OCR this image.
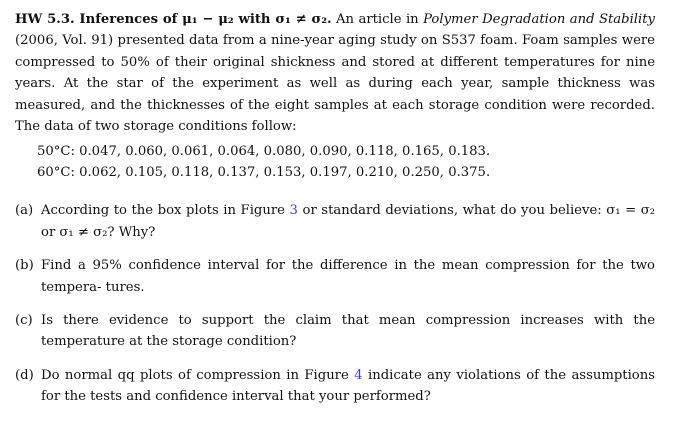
HW 5.3. Inferences of μ₁ − μ₂ with σ₁ ≠ σ₂. An article in Polymer Degradation and Stability (2006, Vol. 91) presented data from a nine-year aging study on S537 foam. Foam samples were compressed to 50% of their original shickness and stored at different temperatures for nine years. At the star of the experiment as well as during each year, sample thickness was measured, and the thicknesses of the eight samples at each storage condition were recorded. The data of two storage conditions follow:

50°C: 0.047, 0.060, 0.061, 0.064, 0.080, 0.090, 0.118, 0.165, 0.183.

60°C: 0.062, 0.105, 0.118, 0.137, 0.153, 0.197, 0.210, 0.250, 0.375.

(a) According to the box plots in Figure 3 or standard deviations, what do you believe: σ₁ = σ₂ or σ₁ ≠ σ₂? Why?
(b) Find a 95% confidence interval for the difference in the mean compression for the two tempera- tures.
(c) Is there evidence to support the claim that mean compression increases with the temperature at the storage condition?
(d) Do normal qq plots of compression in Figure 4 indicate any violations of the assumptions for the tests and confidence interval that your performed?
